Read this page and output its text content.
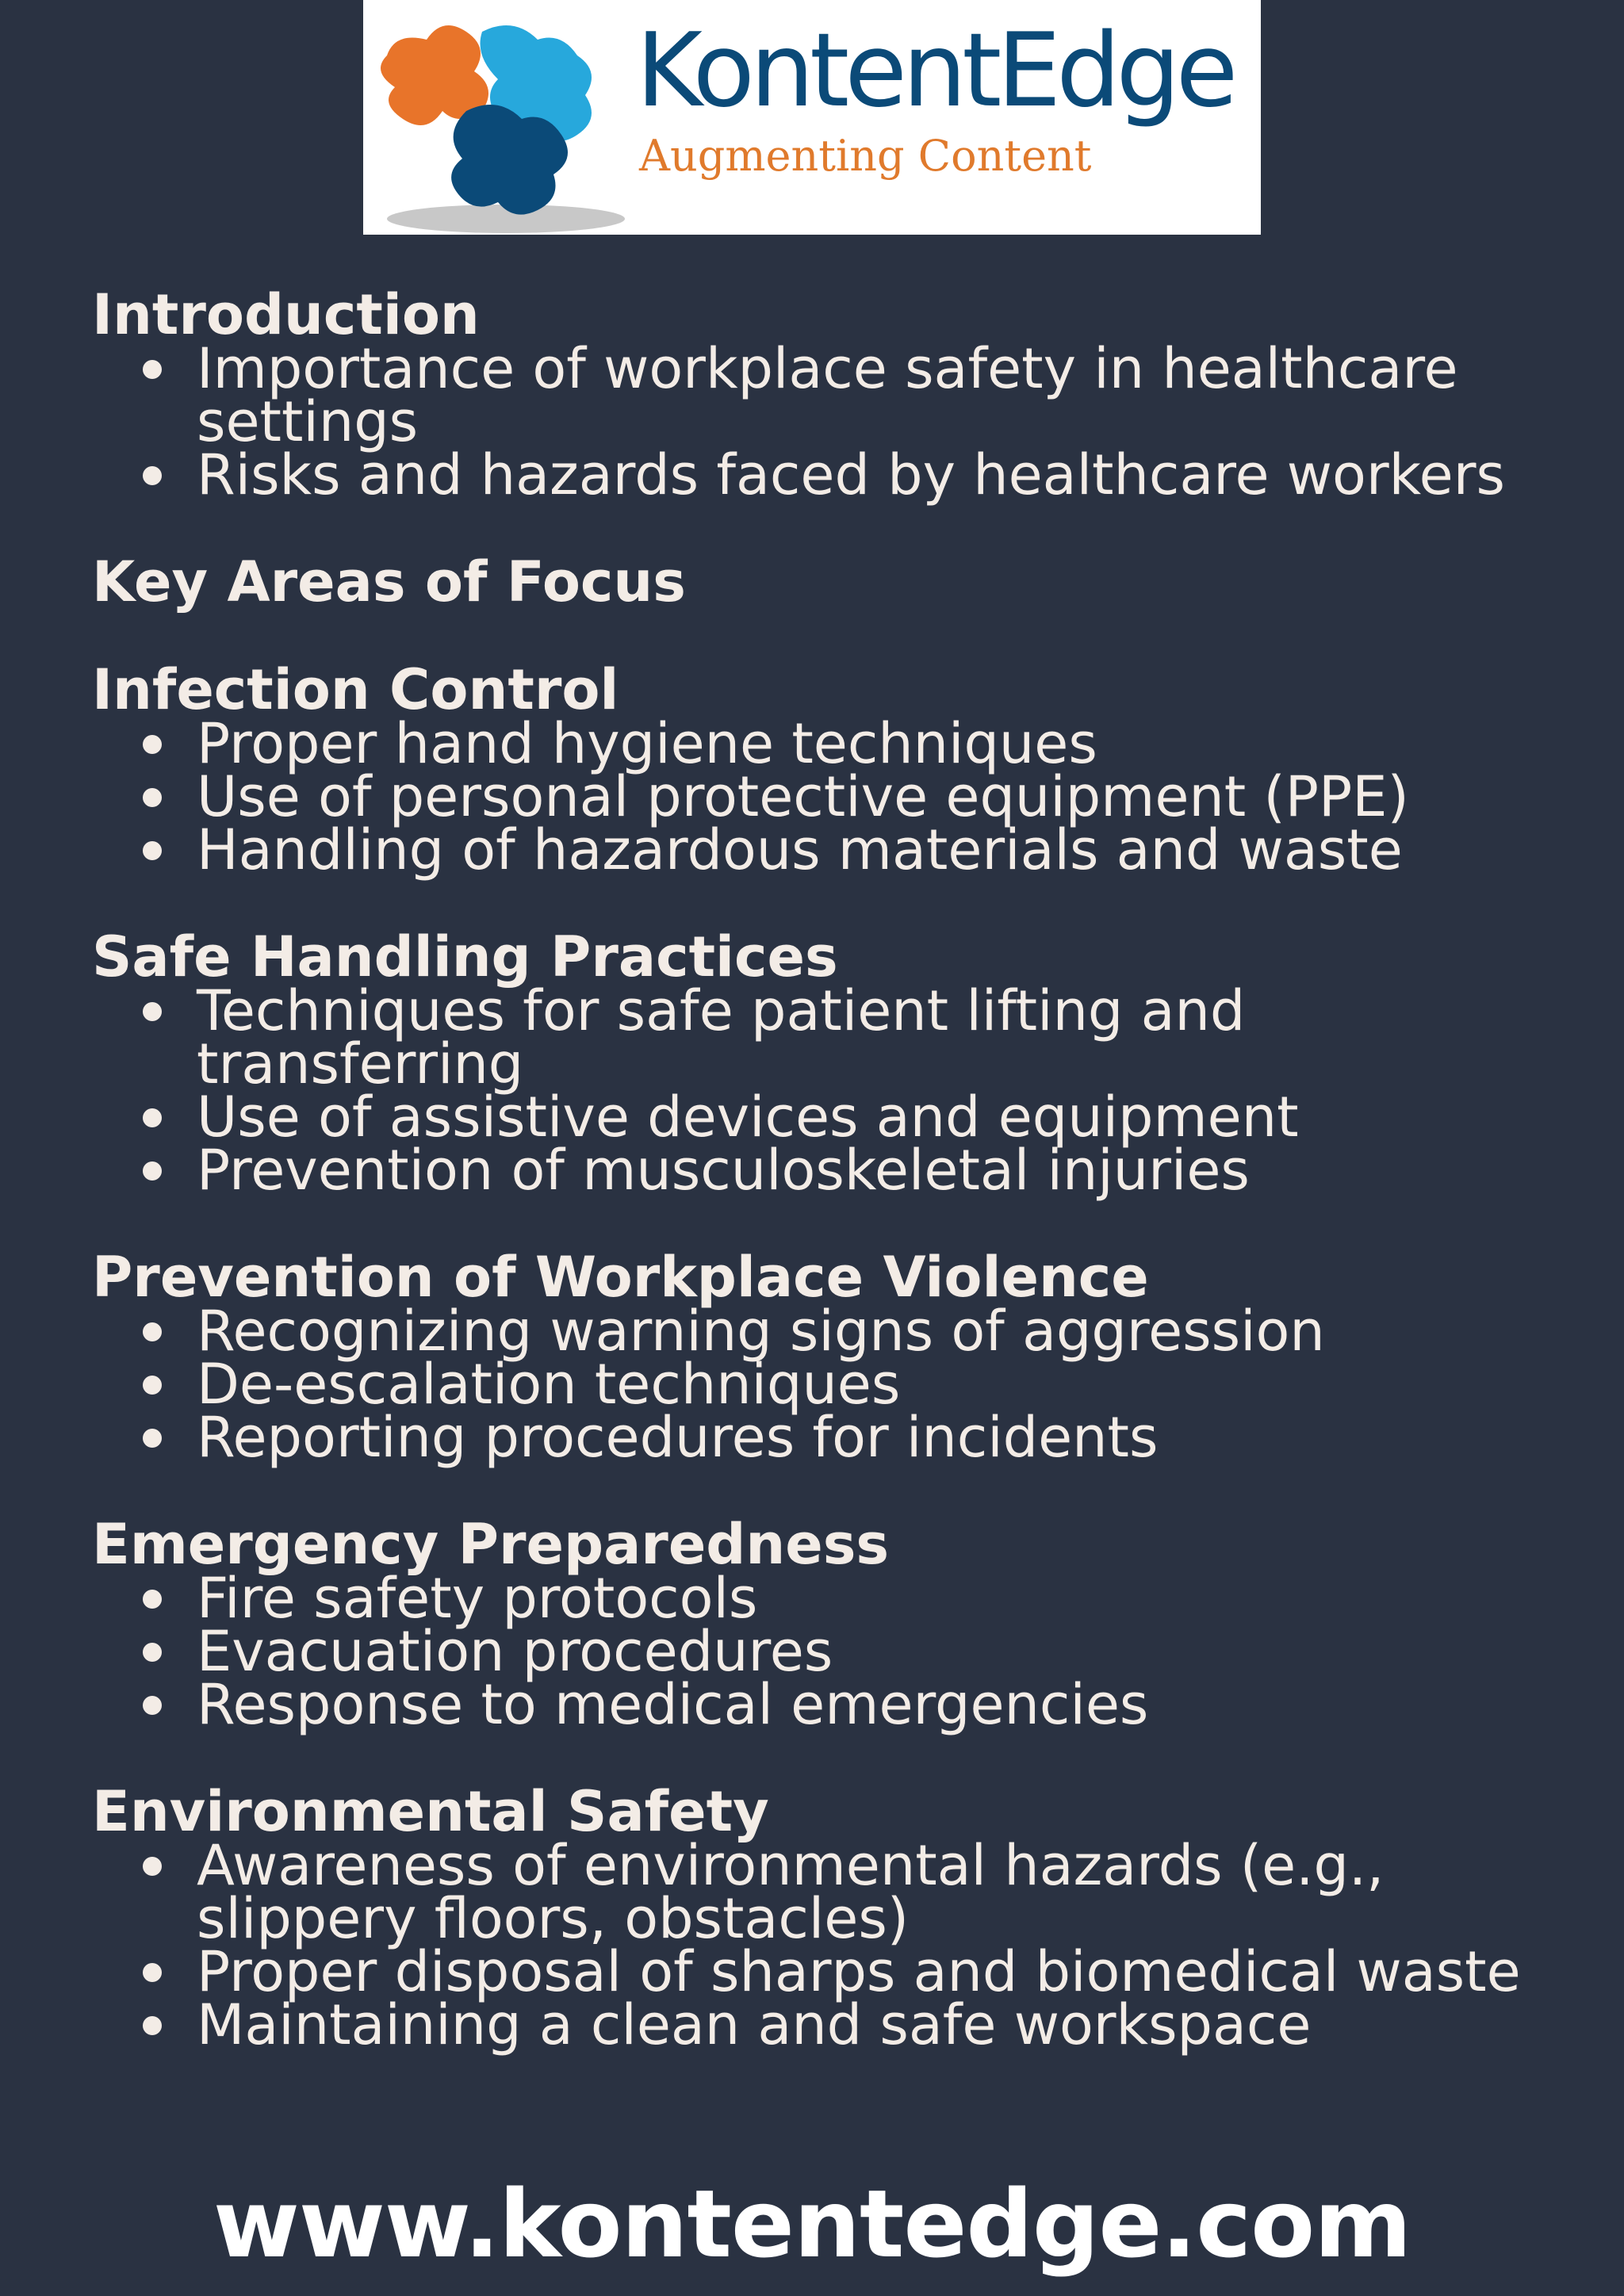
KontentEdge
Augmenting Content
Introduction
Importance of workplace safety in healthcare settings
Risks and hazards faced by healthcare workers
Key Areas of Focus
Infection Control
Proper hand hygiene techniques
Use of personal protective equipment (PPE)
Handling of hazardous materials and waste
Safe Handling Practices
Techniques for safe patient lifting and transferring
Use of assistive devices and equipment
Prevention of musculoskeletal injuries
Prevention of Workplace Violence
Recognizing warning signs of aggression
De-escalation techniques
Reporting procedures for incidents
Emergency Preparedness
Fire safety protocols
Evacuation procedures
Response to medical emergencies
Environmental Safety
Awareness of environmental hazards (e.g., slippery floors, obstacles)
Proper disposal of sharps and biomedical waste
Maintaining a clean and safe workspace
www.kontentedge.com
